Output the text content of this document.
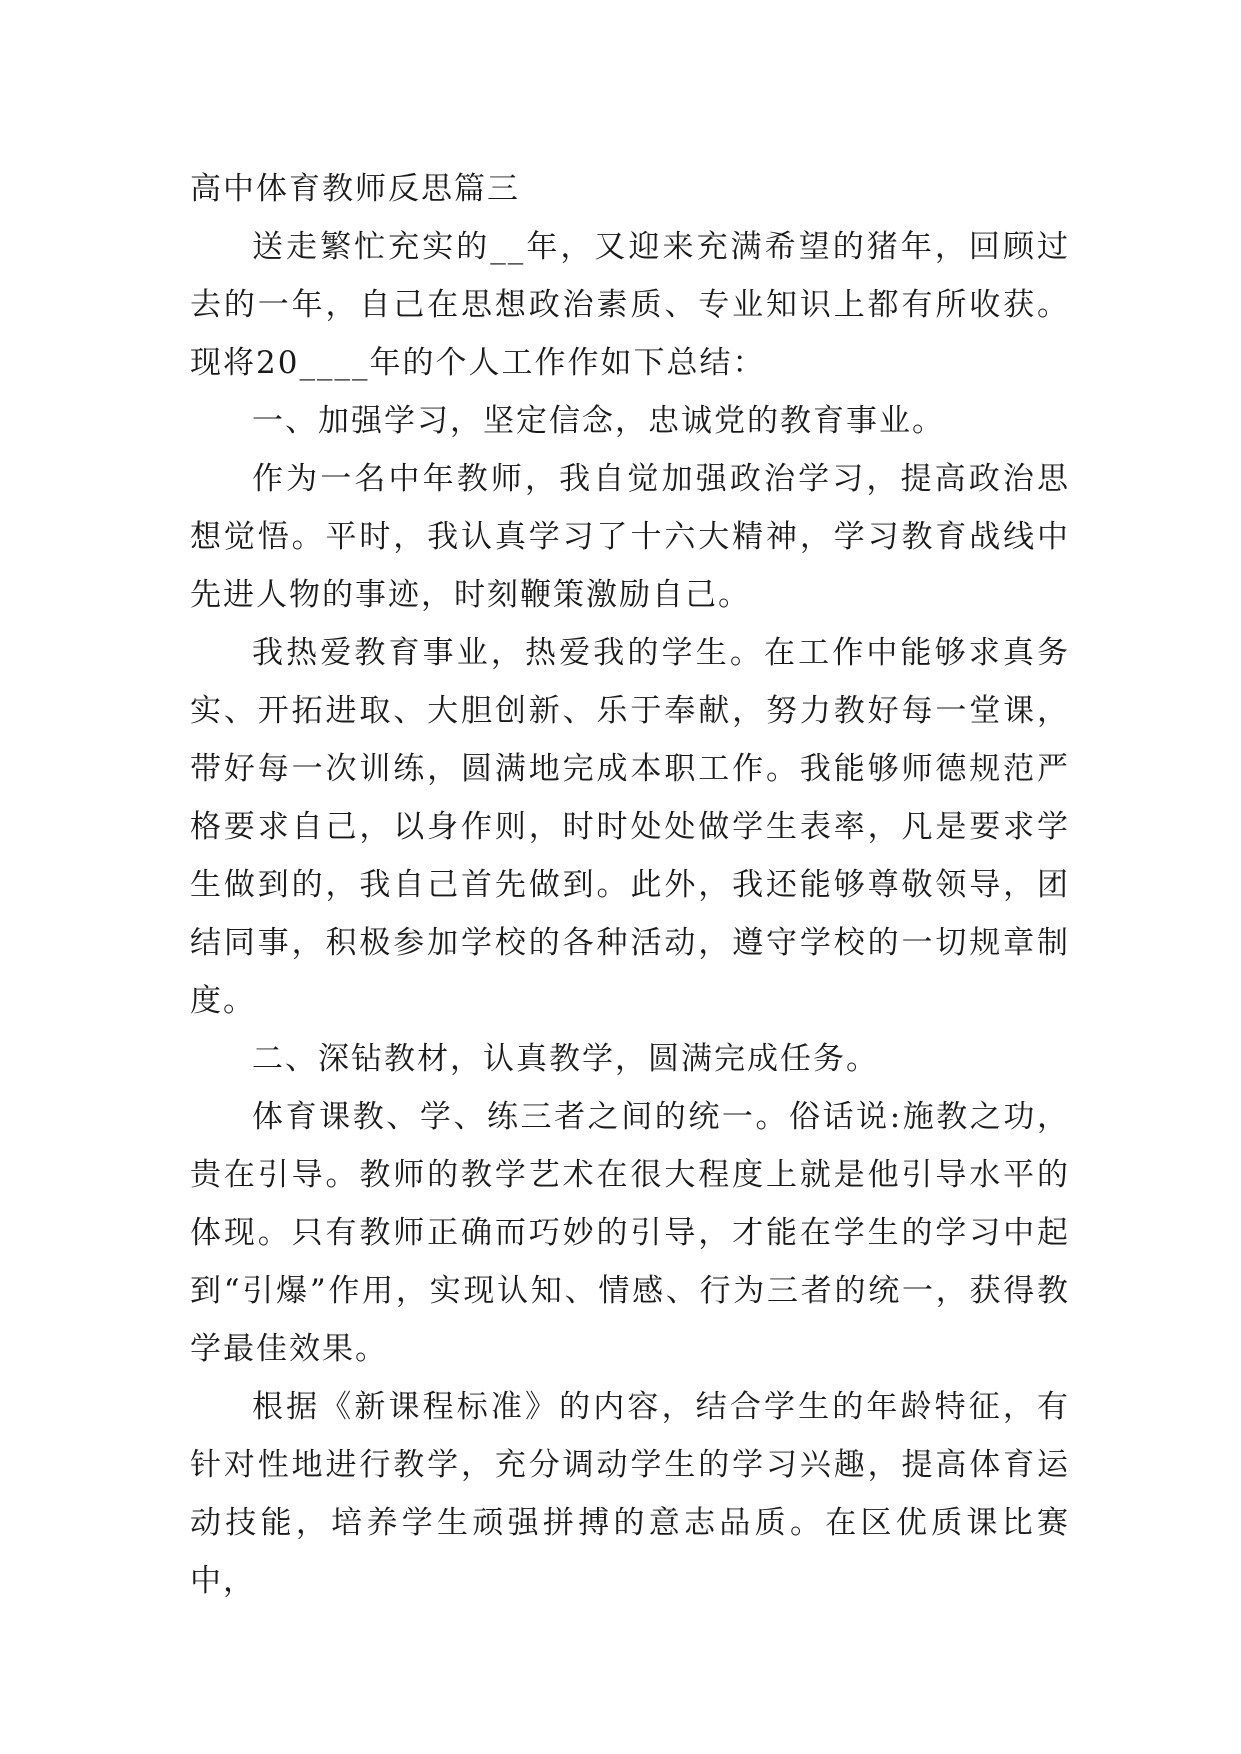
高中体育教师反思篇三

送走繁忙充实的__年，又迎来充满希望的猪年，回顾过去的一年，自己在思想政治素质、专业知识上都有所收获。现将20____年的个人工作作如下总结：

一、加强学习，坚定信念，忠诚党的教育事业。

作为一名中年教师，我自觉加强政治学习，提高政治思想觉悟。平时，我认真学习了十六大精神，学习教育战线中先进人物的事迹，时刻鞭策激励自己。

我热爱教育事业，热爱我的学生。在工作中能够求真务实、开拓进取、大胆创新、乐于奉献，努力教好每一堂课，带好每一次训练，圆满地完成本职工作。我能够师德规范严格要求自己，以身作则，时时处处做学生表率，凡是要求学生做到的，我自己首先做到。此外，我还能够尊敬领导，团结同事，积极参加学校的各种活动，遵守学校的一切规章制度。

二、深钻教材，认真教学，圆满完成任务。

体育课教、学、练三者之间的统一。俗话说:施教之功，贵在引导。教师的教学艺术在很大程度上就是他引导水平的体现。只有教师正确而巧妙的引导，才能在学生的学习中起到“引爆”作用，实现认知、情感、行为三者的统一，获得教学最佳效果。

根据《新课程标准》的内容，结合学生的年龄特征，有针对性地进行教学，充分调动学生的学习兴趣，提高体育运动技能，培养学生顽强拼搏的意志品质。在区优质课比赛中，
